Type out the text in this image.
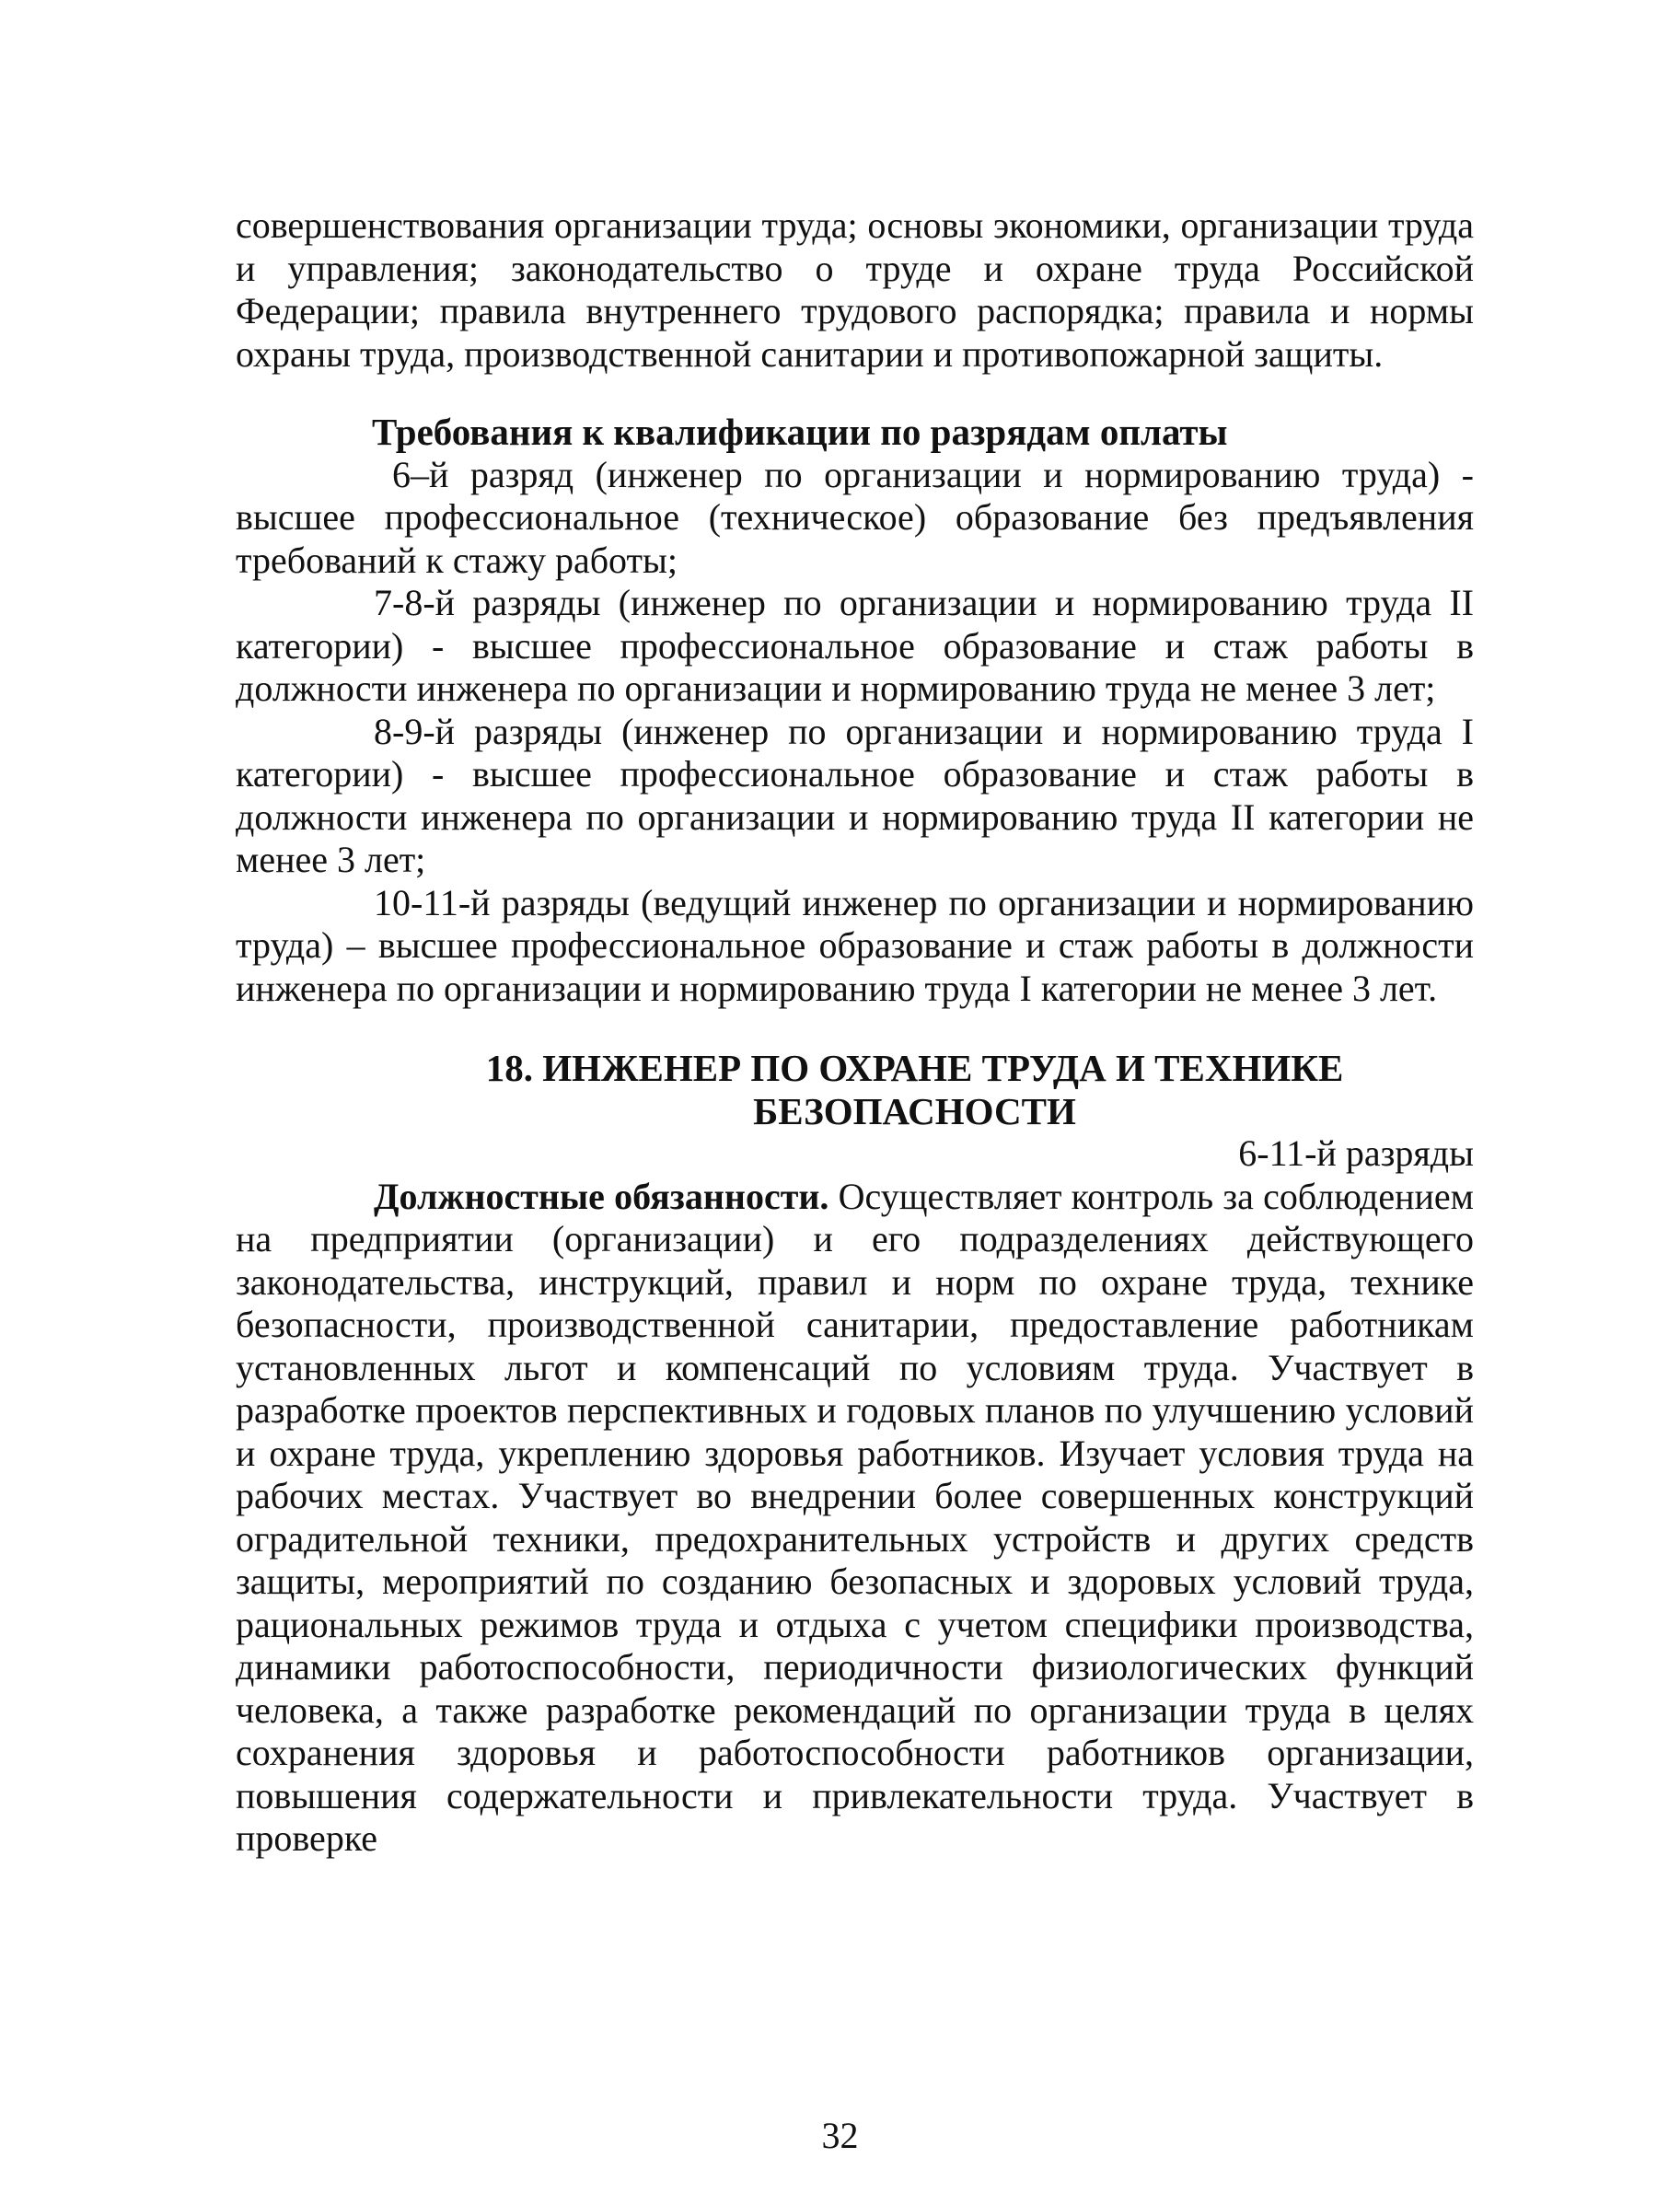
совершенствования организации труда; основы экономики, организации труда и управления; законодательство о труде и охране труда Российской Федерации; правила внутреннего трудового распорядка; правила и нормы охраны труда, производственной санитарии и противопожарной защиты.

Требования к квалификации по разрядам оплаты

6–й разряд (инженер по организации и нормированию труда) - высшее профессиональное (техническое) образование без предъявления требований к стажу работы;

7-8-й разряды (инженер по организации и нормированию труда II категории) - высшее профессиональное образование и стаж работы в должности инженера по организации и нормированию труда не менее 3 лет;

8-9-й разряды (инженер по организации и нормированию труда I категории) - высшее профессиональное образование и стаж работы в должности инженера по организации и нормированию труда II категории не менее 3 лет;

10-11-й разряды (ведущий инженер по организации и нормированию труда) – высшее профессиональное образование и стаж работы в должности инженера по организации и нормированию труда I категории не менее 3 лет.

18. ИНЖЕНЕР ПО ОХРАНЕ ТРУДА И ТЕХНИКЕ
БЕЗОПАСНОСТИ

6-11-й разряды

Должностные обязанности. Осуществляет контроль за соблюдением на предприятии (организации) и его подразделениях действующего законодательства, инструкций, правил и норм по охране труда, технике безопасности, производственной санитарии, предоставление работникам установленных льгот и компенсаций по условиям труда. Участвует в разработке проектов перспективных и годовых планов по улучшению условий и охране труда, укреплению здоровья работников. Изучает условия труда на рабочих местах. Участвует во внедрении более совершенных конструкций оградительной техники, предохранительных устройств и других средств защиты, мероприятий по созданию безопасных и здоровых условий труда, рациональных режимов труда и отдыха с учетом специфики производства, динамики работоспособности, периодичности физиологических функций человека, а также разработке рекомендаций по организации труда в целях сохранения здоровья и работоспособности работников организации, повышения содержательности и привлекательности труда. Участвует в проверке

32
